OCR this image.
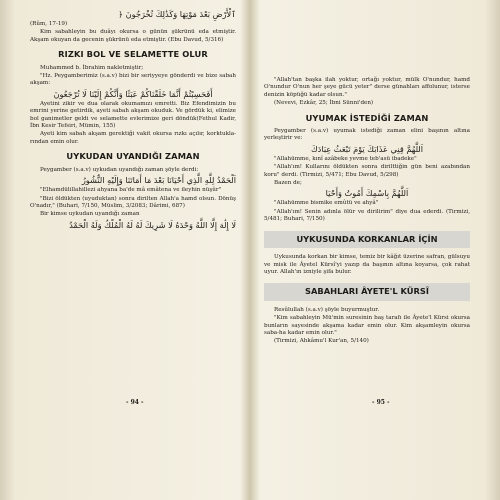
ٱلْأَرْضِ بَعْدَ مَوْتِهَا وَكَذَٰلِكَ تُخْرَجُونَ ﴿

(Rûm, 17-19)

Kim sabahleyin bu duâyı okursa o günün şükrünü eda etmiştir. Akşam okuyan da gecenin şükrünü eda etmiştir. (Ebu Davud, 5/316)

RIZKI BOL VE SELAMETTE OLUR

Muhammed b. İbrahim nakletmiştir;

"Hz. Peygamberimiz (s.a.v) bizi bir seriyyeye gönderdi ve bize sabah akşam:

أَفَحَسِبْتُمْ أَنَّمَا خَلَقْنَاكُمْ عَبَثًا وَأَنَّكُمْ إِلَيْنَا لَا تُرْجَعُونَ

Ayetini zikir ve dua olarak okumamızı emretti. Biz Efendimizin bu emrini yerine getirdik, ayeti sabah akşam okuduk. Ve gördük ki, elimize bol ganimetler geldi ve selamette evlerimize geri döndük(Fethul Kadir, İbn Kesir Tefsiri, Mümin, 155)

Ayeti kim sabah akşam gerektiği vakit okursa rızkı açılır, korktukla-rından emin olur.

UYKUDAN UYANDIĞI ZAMAN

Peygamber (s.a.v) uykudan uyandığı zaman şöyle derdi:

اَلْحَمْدُ لِلَّهِ الَّذِي أَحْيَانَا بَعْدَ مَا أَمَاتَنَا وَإِلَيْهِ النُّشُورُ

"Elhamdülillahillezi ahyana ba'de mâ emâtena ve ileyhin nüşûr"

"Bizi öldükten (uyuduktan) sonra dirilten Allah'a hamd olsun. Dönüş O'nadır," (Buhari, 7/150, Müslim, 3/2083; Dârimi, 687)

Bir kimse uykudan uyandığı zaman

لَا إِلَٰهَ إِلَّا اللَّهُ وَحْدَهُ لَا شَرِيكَ لَهُ لَهُ الْمُلْكُ وَلَهُ الْحَمْدُ

- 94 -

"Allah'tan başka ilah yoktur, ortağı yoktur, mülk O'nundur, hamd O'nundur O'nun her şeye gücü yeter" derse günahları affolunur, isterse denizin köpüğü kadar olsun."

(Nevevi, Ezkâr, 25; İbni Sünni'den)

UYUMAK İSTEDİĞİ ZAMAN

Peygamber (s.a.v) uyumak istediği zaman elini başının altına yerleştirir ve:

اَللَّهُمَّ قِنِي عَذَابَكَ يَوْمَ تَبْعَثُ عِبَادَكَ

"Allahümme, kınî azâbeke yevme teb'asü ibadeke"

"Allah'ım! Kullarını öldükten sonra dirilttiğin gün beni azabından koru" derdi. (Tirmizi, 5/471; Ebu Davud, 5/298)

Bazen de;

اَللَّهُمَّ بِاسْمِكَ أَمُوتُ وَأَحْيَا

"Allahümme bismike emûtü ve ahyâ"

"Allah'ım! Senin adınla ölür ve dirilirim" diye dua ederdi. (Tirmizi, 5/481; Buhari, 7/150)

UYKUSUNDA KORKANLAR İÇİN

Uykusunda korkan bir kimse, temiz bir kâğıt üzerine safran, gülsuyu ve misk ile Âyetel Kürsî'yi yazıp da başının altına koyarsa, çok rahat uyur. Allah'ın izniyle şifa bulur.

SABAHLARI ÂYETE'L KÜRSÎ

Resûlullah (s.a.v) şöyle buyurmuştur.

"Kim sabahleyin Mü'min suresinin baş tarafı ile Âyete'l Kürsi okursa bunların sayesinde akşama kadar emin olur. Kim akşamleyin okursa saba-ha kadar emin olur."

(Tirmizi, Ahkâmu'l Kur'an, 5/140)

- 95 -
